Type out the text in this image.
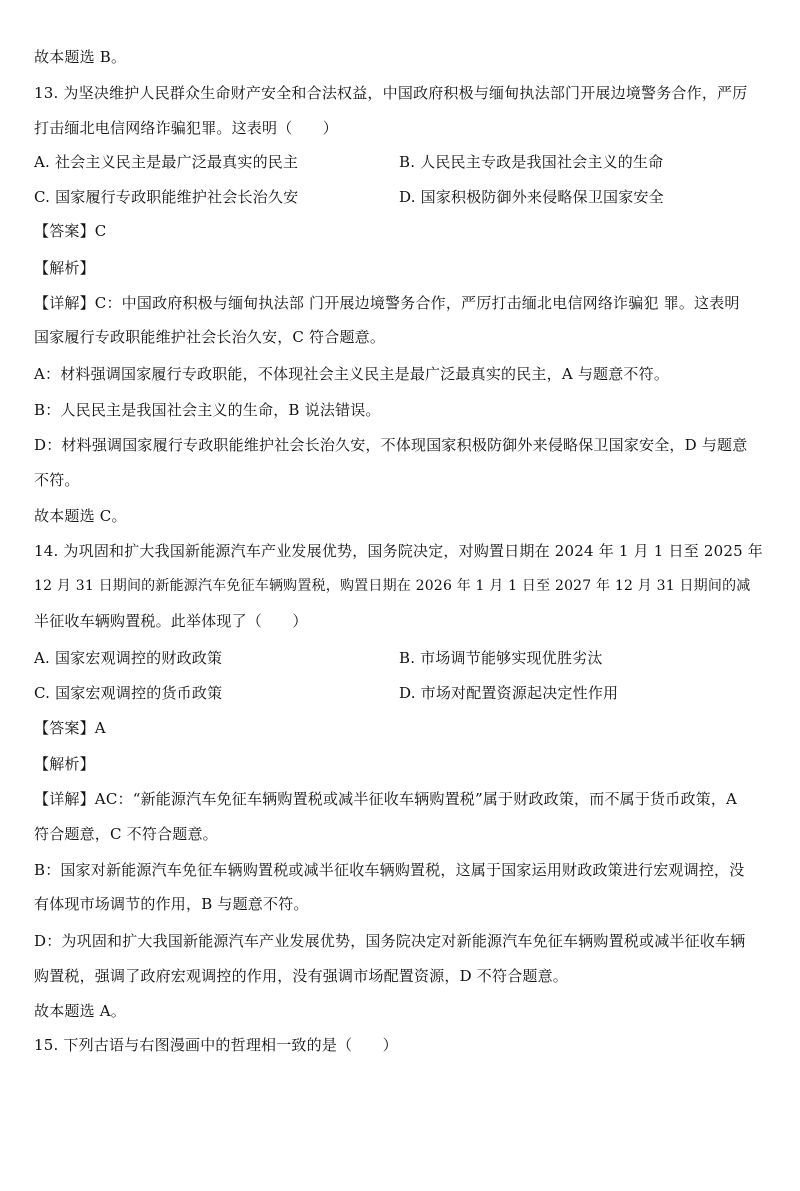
故本题选 B。
13. 为坚决维护人民群众生命财产安全和合法权益，中国政府积极与缅甸执法部门开展边境警务合作，严厉
打击缅北电信网络诈骗犯罪。这表明（　　）
A. 社会主义民主是最广泛最真实的民主	B. 人民民主专政是我国社会主义的生命
C. 国家履行专政职能维护社会长治久安	D. 国家积极防御外来侵略保卫国家安全
【答案】C
【解析】
【详解】C：中国政府积极与缅甸执法部 门开展边境警务合作，严厉打击缅北电信网络诈骗犯 罪。这表明
国家履行专政职能维护社会长治久安，C 符合题意。
A：材料强调国家履行专政职能，不体现社会主义民主是最广泛最真实的民主，A 与题意不符。
B：人民民主是我国社会主义的生命，B 说法错误。
D：材料强调国家履行专政职能维护社会长治久安，不体现国家积极防御外来侵略保卫国家安全，D 与题意
不符。
故本题选 C。
14. 为巩固和扩大我国新能源汽车产业发展优势，国务院决定，对购置日期在 2024 年 1 月 1 日至 2025 年
12 月 31 日期间的新能源汽车免征车辆购置税，购置日期在 2026 年 1 月 1 日至 2027 年 12 月 31 日期间的减
半征收车辆购置税。此举体现了（　　）
A. 国家宏观调控的财政政策	B. 市场调节能够实现优胜劣汰
C. 国家宏观调控的货币政策	D. 市场对配置资源起决定性作用
【答案】A
【解析】
【详解】AC：“新能源汽车免征车辆购置税或减半征收车辆购置税”属于财政政策，而不属于货币政策，A
符合题意，C 不符合题意。
B：国家对新能源汽车免征车辆购置税或减半征收车辆购置税，这属于国家运用财政政策进行宏观调控，没
有体现市场调节的作用，B 与题意不符。
D：为巩固和扩大我国新能源汽车产业发展优势，国务院决定对新能源汽车免征车辆购置税或减半征收车辆
购置税，强调了政府宏观调控的作用，没有强调市场配置资源，D 不符合题意。
故本题选 A。
15. 下列古语与右图漫画中的哲理相一致的是（　　）
